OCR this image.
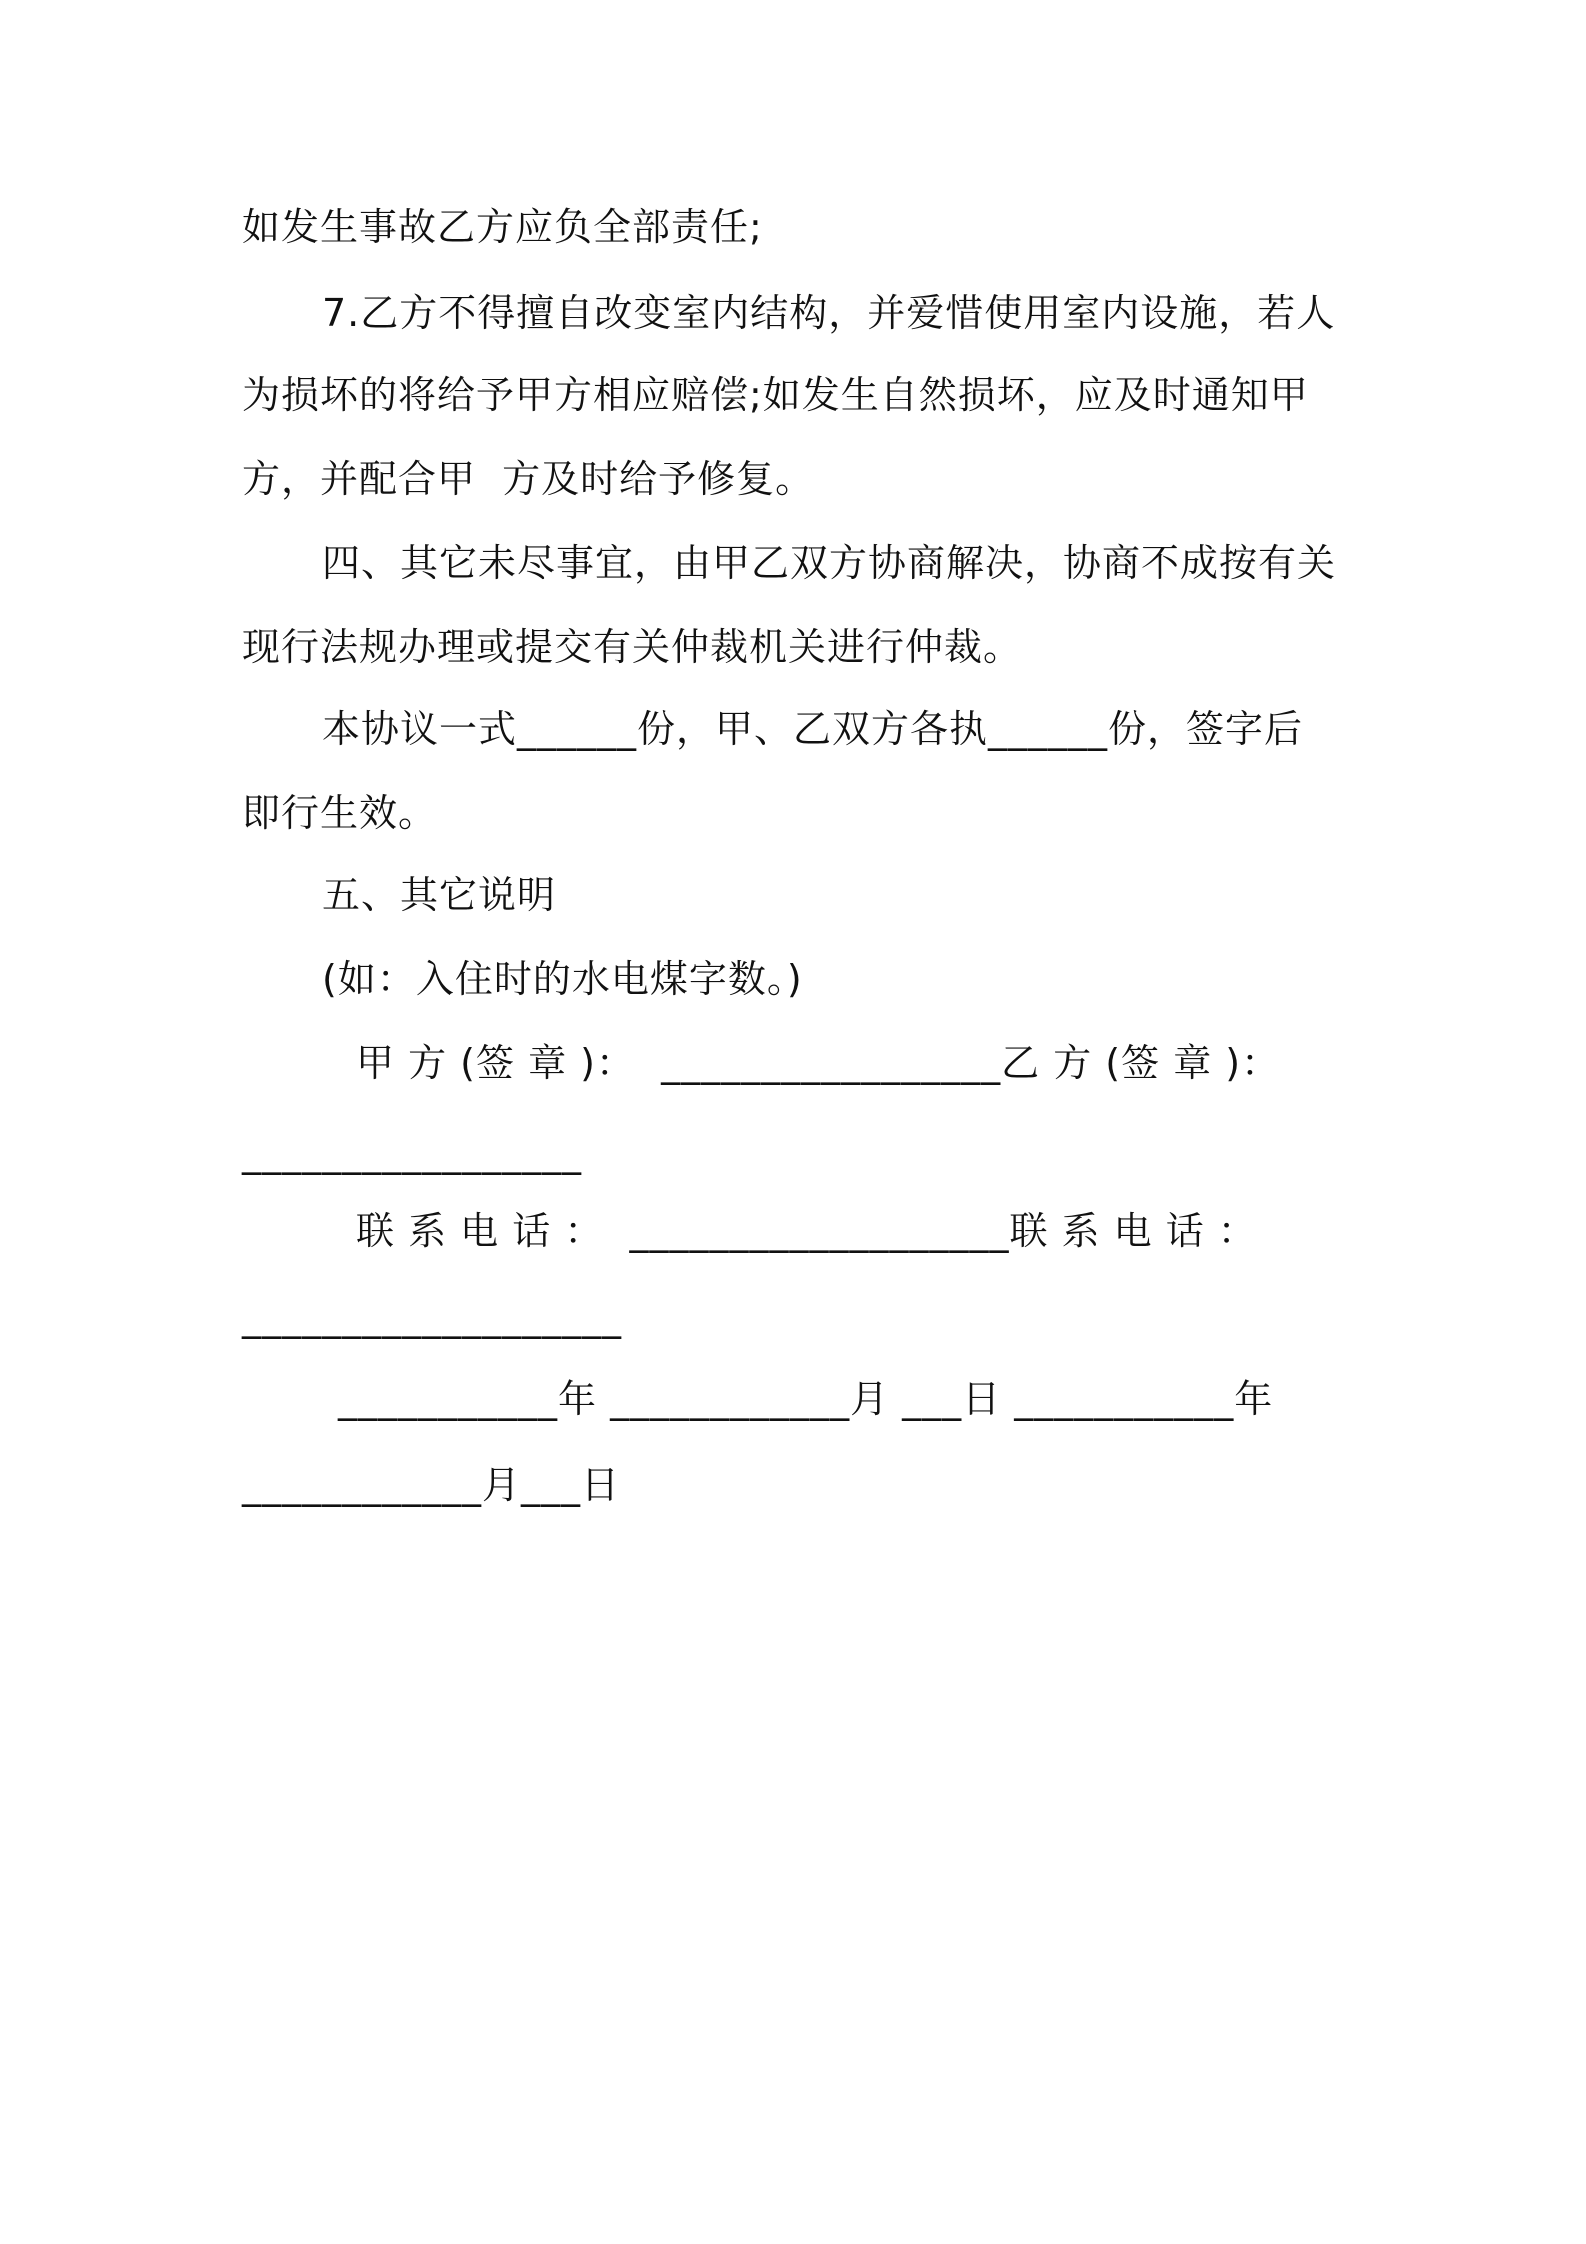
如发生事故乙方应负全部责任;
7.乙方不得擅自改变室内结构，并爱惜使用室内设施，若人
为损坏的将给予甲方相应赔偿;如发生自然损坏，应及时通知甲
方，并配合甲  方及时给予修复。
四、其它未尽事宜，由甲乙双方协商解决，协商不成按有关
现行法规办理或提交有关仲裁机关进行仲裁。
本协议一式______份，甲、乙双方各执______份，签字后
即行生效。
五、其它说明
(如：入住时的水电煤字数。)
甲 方 (签 章 )：  _________________乙 方 (签 章 )：
_________________
联 系 电 话 ：  ___________________联 系 电 话 ：
___________________
___________年 ____________月 ___日 ___________年
____________月___日
